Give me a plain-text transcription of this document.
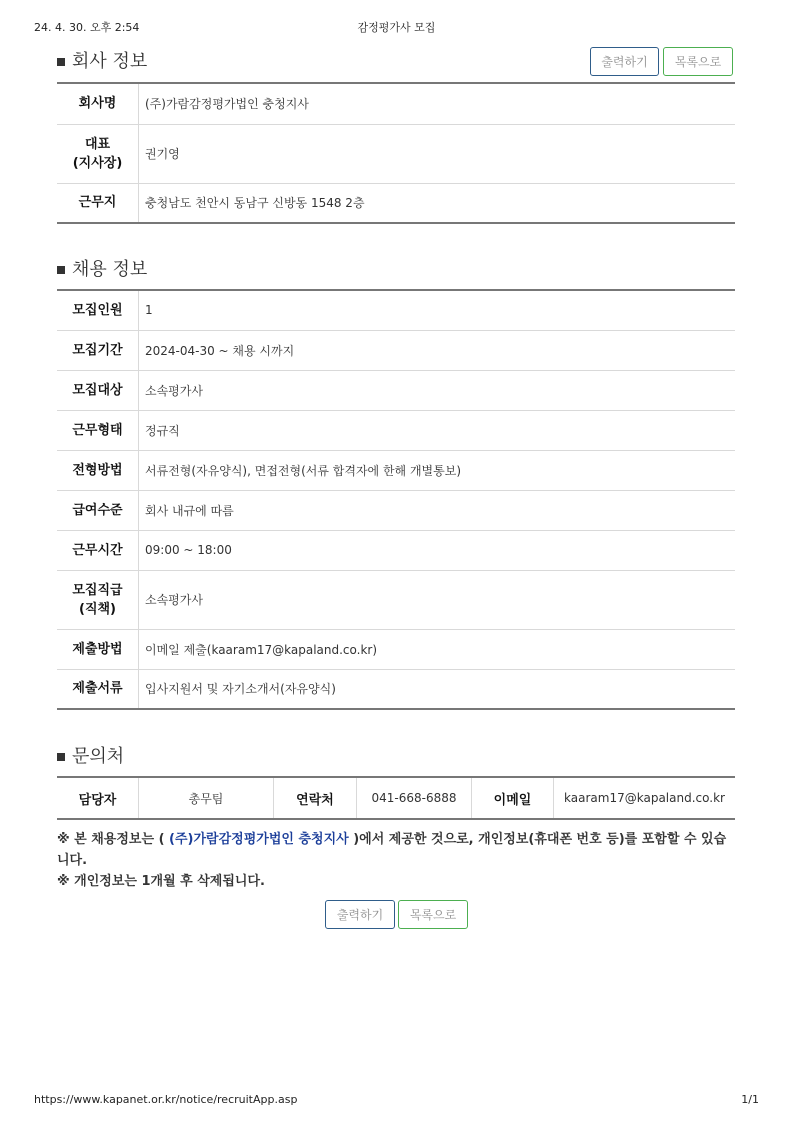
24. 4. 30. 오후 2:54	감정평가사 모집
회사 정보	출력하기	목록으로
회사명	(주)가람감정평가법인 충청지사

대표
(지사장)	권기영
근무지	충청남도 천안시 동남구 신방동 1548 2층
채용 정보
모집인원	1
모집기간	2024-04-30 ~ 채용 시까지
모집대상	소속평가사
근무형태	정규직
전형방법	서류전형(자유양식), 면접전형(서류 합격자에 한해 개별통보)
급여수준	회사 내규에 따름
근무시간	09:00 ~ 18:00

모집직급
(직책)	소속평가사
제출방법	이메일 제출(kaaram17@kapaland.co.kr)
제출서류	입사지원서 및 자기소개서(자유양식)
문의처
담당자	총무팀	연락처	041-668-6888	이메일	kaaram17@kapaland.co.kr
※ 본 채용정보는 ( (주)가람감정평가법인 충청지사 )에서 제공한 것으로, 개인정보(휴대폰 번호 등)를 포함할 수 있습니다.
※ 개인정보는 1개월 후 삭제됩니다.
출력하기	목록으로
https://www.kapanet.or.kr/notice/recruitApp.asp	1/1
